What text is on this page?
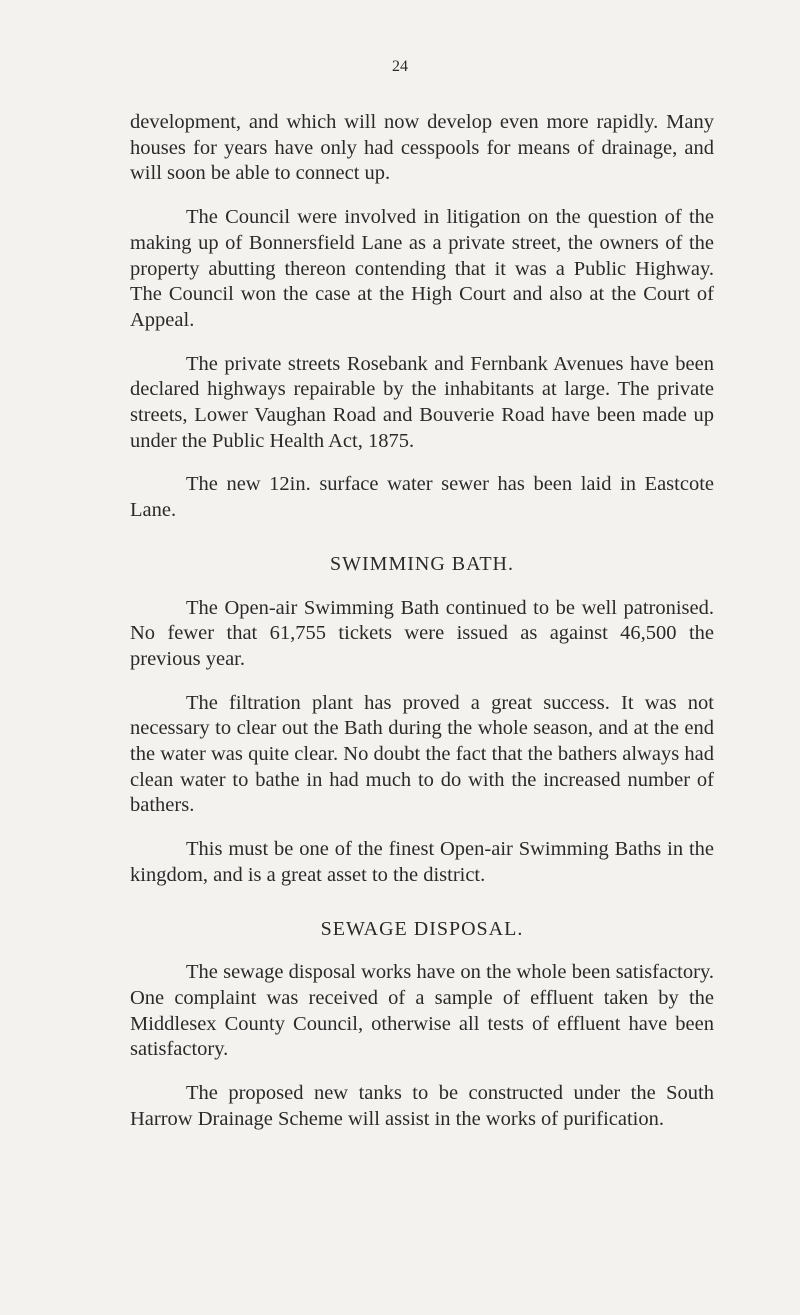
24

development, and which will now develop even more rapidly. Many houses for years have only had cesspools for means of drainage, and will soon be able to connect up.

The Council were involved in litigation on the question of the making up of Bonnersfield Lane as a private street, the owners of the property abutting thereon contending that it was a Public Highway. The Council won the case at the High Court and also at the Court of Appeal.

The private streets Rosebank and Fernbank Avenues have been declared highways repairable by the inhabitants at large. The private streets, Lower Vaughan Road and Bouverie Road have been made up under the Public Health Act, 1875.

The new 12in. surface water sewer has been laid in Eastcote Lane.

SWIMMING BATH.

The Open-air Swimming Bath continued to be well patronised. No fewer that 61,755 tickets were issued as against 46,500 the previous year.

The filtration plant has proved a great success. It was not necessary to clear out the Bath during the whole season, and at the end the water was quite clear. No doubt the fact that the bathers always had clean water to bathe in had much to do with the increased number of bathers.

This must be one of the finest Open-air Swimming Baths in the kingdom, and is a great asset to the district.

SEWAGE DISPOSAL.

The sewage disposal works have on the whole been satisfactory. One complaint was received of a sample of effluent taken by the Middlesex County Council, otherwise all tests of effluent have been satisfactory.

The proposed new tanks to be constructed under the South Harrow Drainage Scheme will assist in the works of purification.
